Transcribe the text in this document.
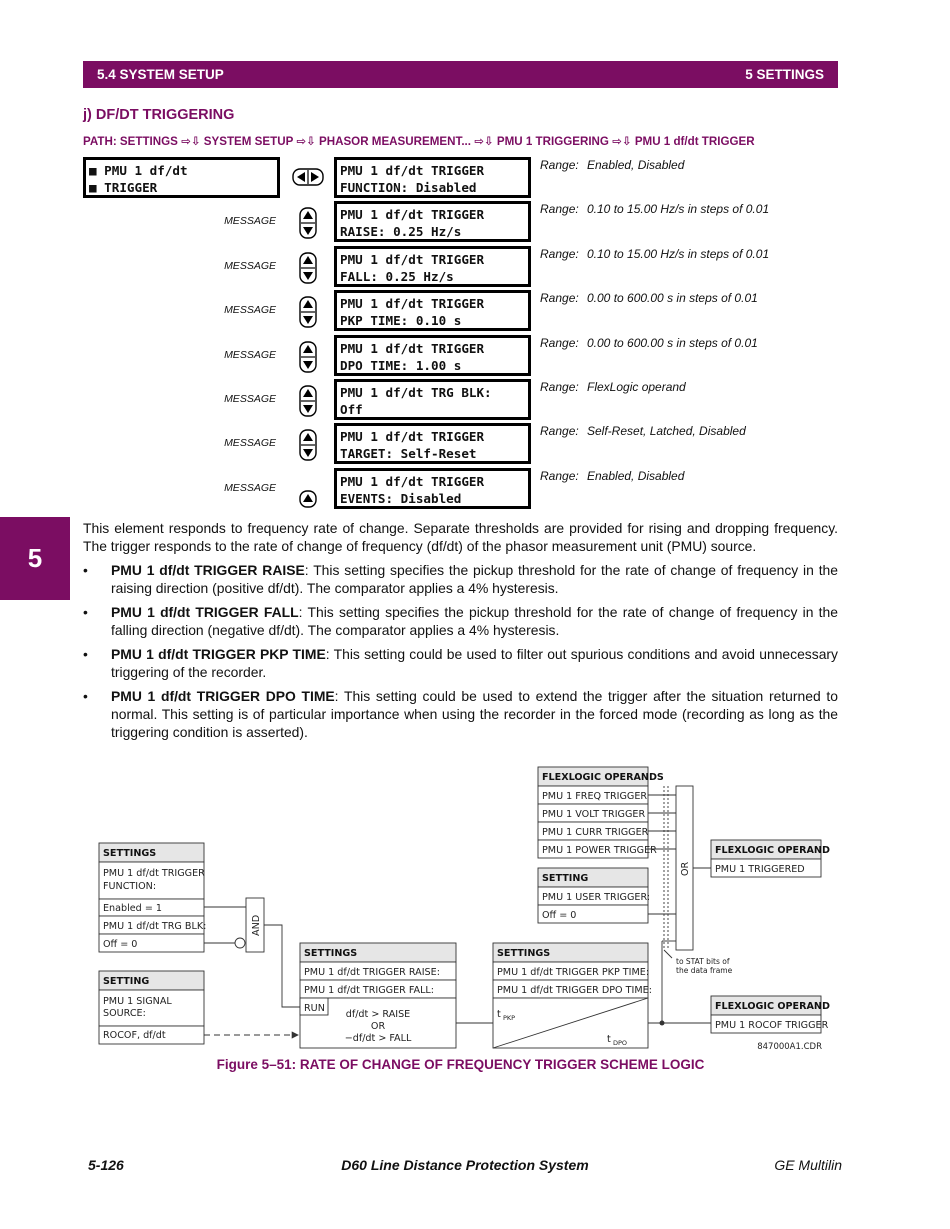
5.4 SYSTEM SETUP	5 SETTINGS
j) DF/DT TRIGGERING
PATH: SETTINGS ⇨⇩ SYSTEM SETUP ⇨⇩ PHASOR MEASUREMENT... ⇨⇩ PMU 1 TRIGGERING ⇨⇩ PMU 1 df/dt TRIGGER
■ PMU 1 df/dt
■ TRIGGER
PMU 1 df/dt TRIGGER
FUNCTION: Disabled
Range: Enabled, Disabled
PMU 1 df/dt TRIGGER
RAISE: 0.25 Hz/s
Range: 0.10 to 15.00 Hz/s in steps of 0.01
MESSAGE
PMU 1 df/dt TRIGGER
FALL: 0.25 Hz/s
Range: 0.10 to 15.00 Hz/s in steps of 0.01
MESSAGE
PMU 1 df/dt TRIGGER
PKP TIME: 0.10 s
Range: 0.00 to 600.00 s in steps of 0.01
MESSAGE
PMU 1 df/dt TRIGGER
DPO TIME: 1.00 s
Range: 0.00 to 600.00 s in steps of 0.01
MESSAGE
PMU 1 df/dt TRG BLK:
Off
Range: FlexLogic operand
MESSAGE
PMU 1 df/dt TRIGGER
TARGET: Self-Reset
Range: Self-Reset, Latched, Disabled
MESSAGE
PMU 1 df/dt TRIGGER
EVENTS: Disabled
Range: Enabled, Disabled
MESSAGE
5

This element responds to frequency rate of change. Separate thresholds are provided for rising and dropping frequency. The trigger responds to the rate of change of frequency (df/dt) of the phasor measurement unit (PMU) source.

• PMU 1 df/dt TRIGGER RAISE: This setting specifies the pickup threshold for the rate of change of frequency in the raising direction (positive df/dt). The comparator applies a 4% hysteresis.
• PMU 1 df/dt TRIGGER FALL: This setting specifies the pickup threshold for the rate of change of frequency in the falling direction (negative df/dt). The comparator applies a 4% hysteresis.
• PMU 1 df/dt TRIGGER PKP TIME: This setting could be used to filter out spurious conditions and avoid unnecessary triggering of the recorder.
• PMU 1 df/dt TRIGGER DPO TIME: This setting could be used to extend the trigger after the situation returned to normal. This setting is of particular importance when using the recorder in the forced mode (recording as long as the triggering condition is asserted).
SETTINGS
PMU 1 df/dt TRIGGER
FUNCTION:
Enabled = 1
PMU 1 df/dt TRG BLK:
Off = 0
AND
SETTING
PMU 1 SIGNAL
SOURCE:
ROCOF, df/dt
SETTINGS
PMU 1 df/dt TRIGGER RAISE:
PMU 1 df/dt TRIGGER FALL:
RUN
df/dt > RAISE
OR
−df/dt > FALL
SETTINGS
PMU 1 df/dt TRIGGER PKP TIME:
PMU 1 df/dt TRIGGER DPO TIME:
t PKP
t DPO
FLEXLOGIC OPERANDS
PMU 1 FREQ TRIGGER
PMU 1 VOLT TRIGGER
PMU 1 CURR TRIGGER
PMU 1 POWER TRIGGER
SETTING
PMU 1 USER TRIGGER:
Off = 0
OR
to STAT bits of
the data frame
FLEXLOGIC OPERAND
PMU 1 TRIGGERED
FLEXLOGIC OPERAND
PMU 1 ROCOF TRIGGER
847000A1.CDR
Figure 5–51: RATE OF CHANGE OF FREQUENCY TRIGGER SCHEME LOGIC
5-126	D60 Line Distance Protection System	GE Multilin
